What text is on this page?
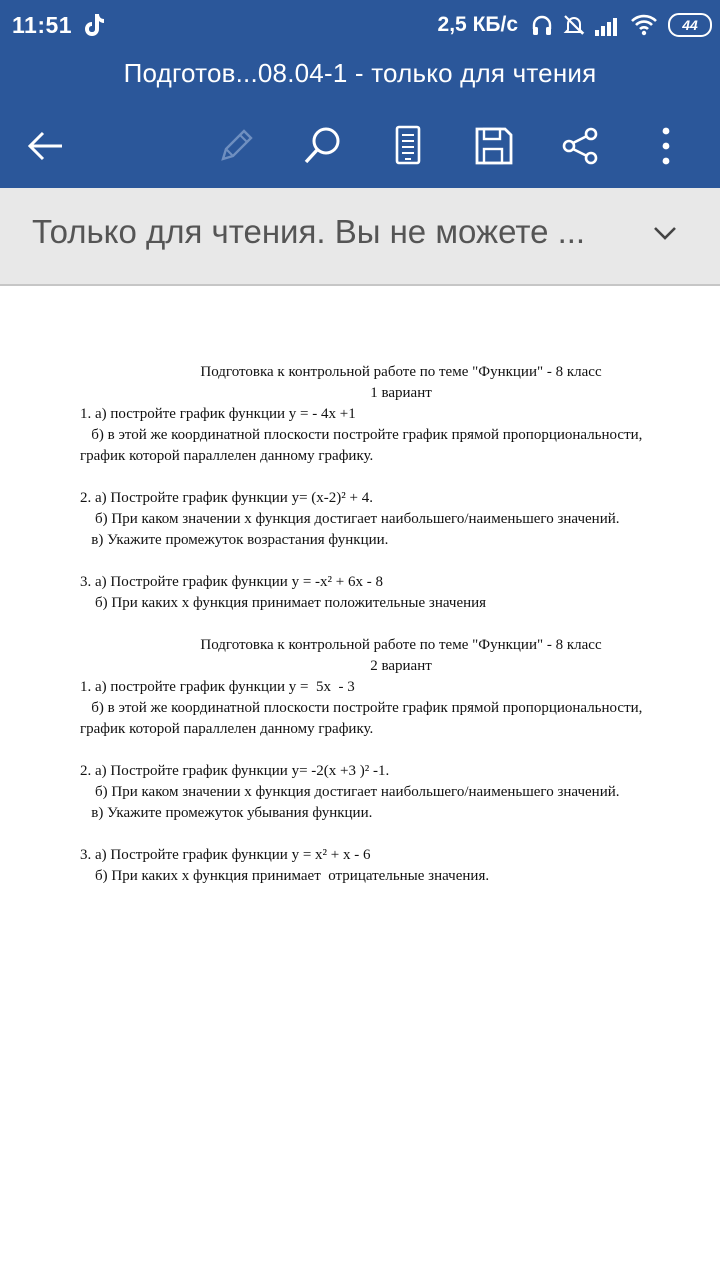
11:51	2,5 КБ/с	44
Подготов...08.04-1 - только для чтения
Только для чтения. Вы не можете ...
Подготовка к контрольной работе по теме "Функции" - 8 класс
1 вариант
1. а) постройте график функции у = - 4х +1
б) в этой же координатной плоскости постройте график прямой пропорциональности,
график которой параллелен данному графику.
2. а) Постройте график функции у= (х-2)² + 4.
б) При каком значении х функция достигает наибольшего/наименьшего значений.
в) Укажите промежуток возрастания функции.
3. а) Постройте график функции у = -х² + 6х - 8
б) При каких х функция принимает положительные значения
Подготовка к контрольной работе по теме "Функции" - 8 класс
2 вариант
1. а) постройте график функции у =  5х  - 3
б) в этой же координатной плоскости постройте график прямой пропорциональности,
график которой параллелен данному графику.
2. а) Постройте график функции у= -2(х +3 )² -1.
б) При каком значении х функция достигает наибольшего/наименьшего значений.
в) Укажите промежуток убывания функции.
3. а) Постройте график функции у = х² + х - 6
б) При каких х функция принимает  отрицательные значения.
